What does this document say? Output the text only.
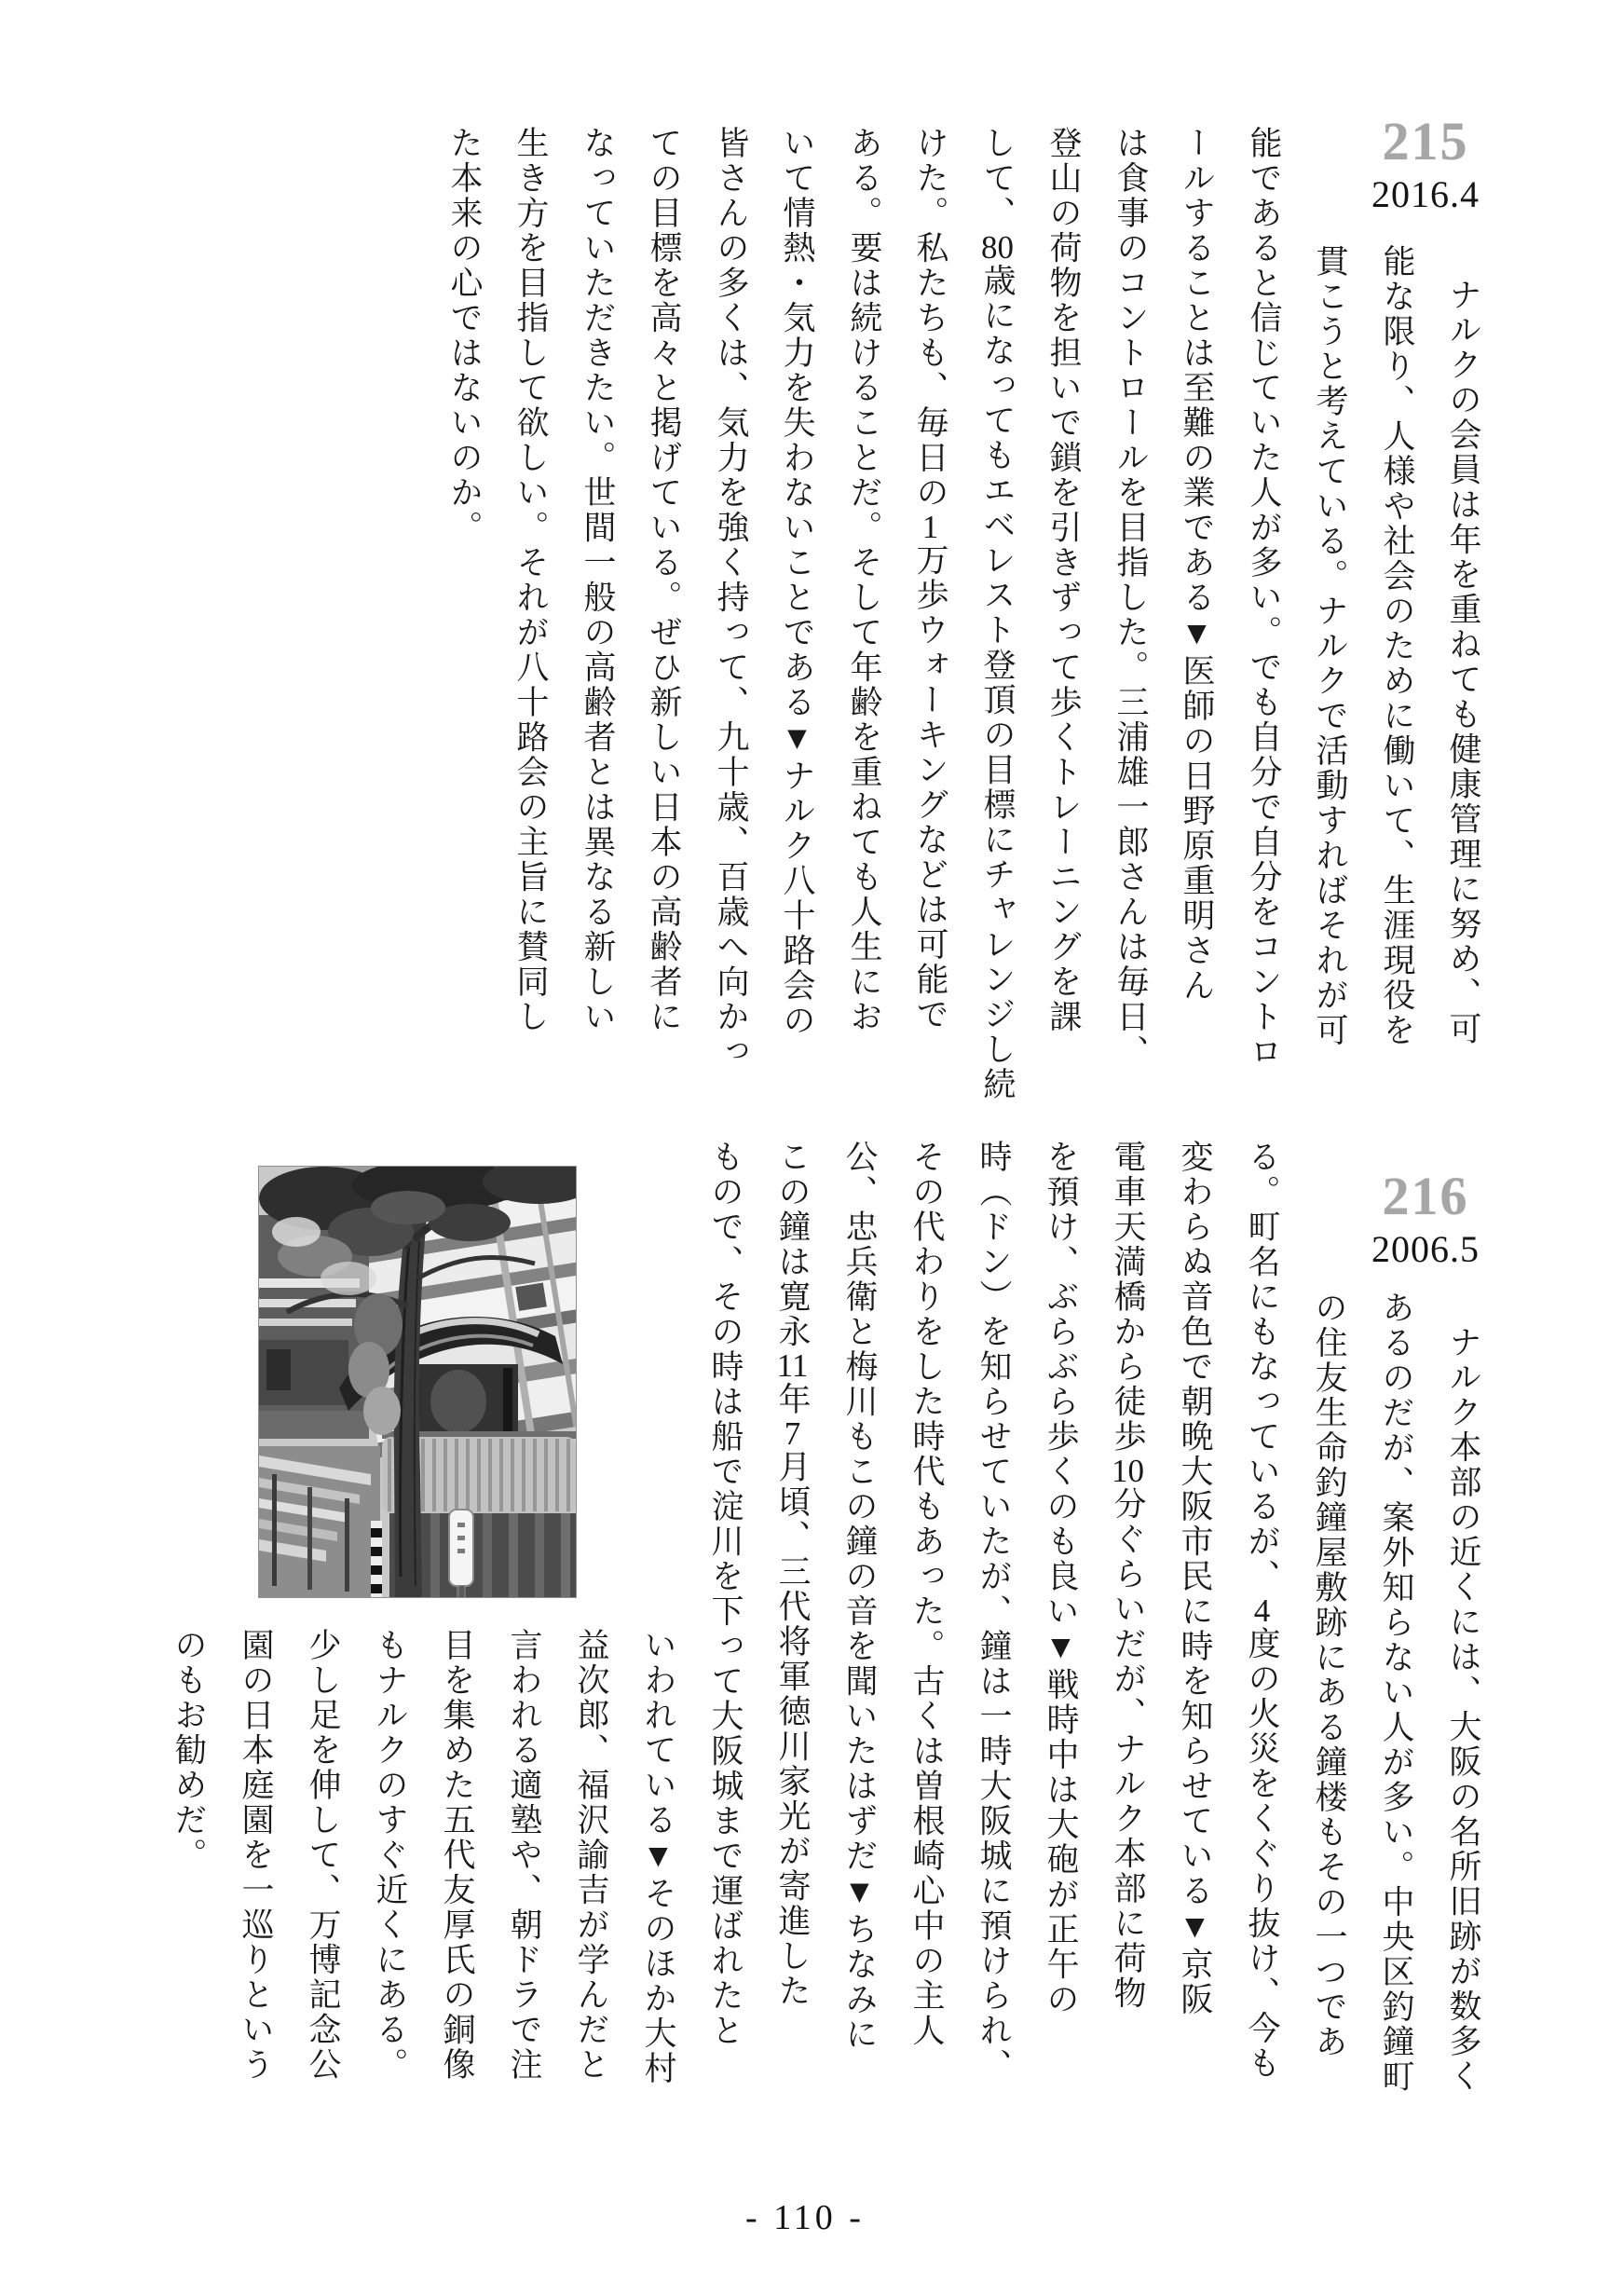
215
2016.4
ナルクの会員は年を重ねても健康管理に努め、可
能な限り、人様や社会のために働いて、生涯現役を
貫こうと考えている。ナルクで活動すればそれが可
能であると信じていた人が多い。でも自分で自分をコントロ
ールすることは至難の業である▼医師の日野原重明さん
は食事のコントロールを目指した。三浦雄一郎さんは毎日、
登山の荷物を担いで鎖を引きずって歩くトレーニングを課
して、80歳になってもエベレスト登頂の目標にチャレンジし続
けた。私たちも、毎日の1万歩ウォーキングなどは可能で
ある。要は続けることだ。そして年齢を重ねても人生にお
いて情熱・気力を失わないことである▼ナルク八十路会の
皆さんの多くは、気力を強く持って、九十歳、百歳へ向かっ
ての目標を高々と掲げている。ぜひ新しい日本の高齢者に
なっていただきたい。世間一般の高齢者とは異なる新しい
生き方を目指して欲しい。それが八十路会の主旨に賛同し
た本来の心ではないのか。
216
2006.5
ナルク本部の近くには、大阪の名所旧跡が数多く
あるのだが、案外知らない人が多い。中央区釣鐘町
の住友生命釣鐘屋敷跡にある鐘楼もその一つであ
る。町名にもなっているが、4度の火災をくぐり抜け、今も
変わらぬ音色で朝晩大阪市民に時を知らせている▼京阪
電車天満橋から徒歩10分ぐらいだが、ナルク本部に荷物
を預け、ぶらぶら歩くのも良い▼戦時中は大砲が正午の
時（ドン）を知らせていたが、鐘は一時大阪城に預けられ、
その代わりをした時代もあった。古くは曽根崎心中の主人
公、忠兵衛と梅川もこの鐘の音を聞いたはずだ▼ちなみに
この鐘は寛永11年7月頃、三代将軍徳川家光が寄進した
もので、その時は船で淀川を下って大阪城まで運ばれたと
いわれている▼そのほか大村
益次郎、福沢諭吉が学んだと
言われる適塾や、朝ドラで注
目を集めた五代友厚氏の銅像
もナルクのすぐ近くにある。
少し足を伸して、万博記念公
園の日本庭園を一巡りという
のもお勧めだ。
- 110 -
